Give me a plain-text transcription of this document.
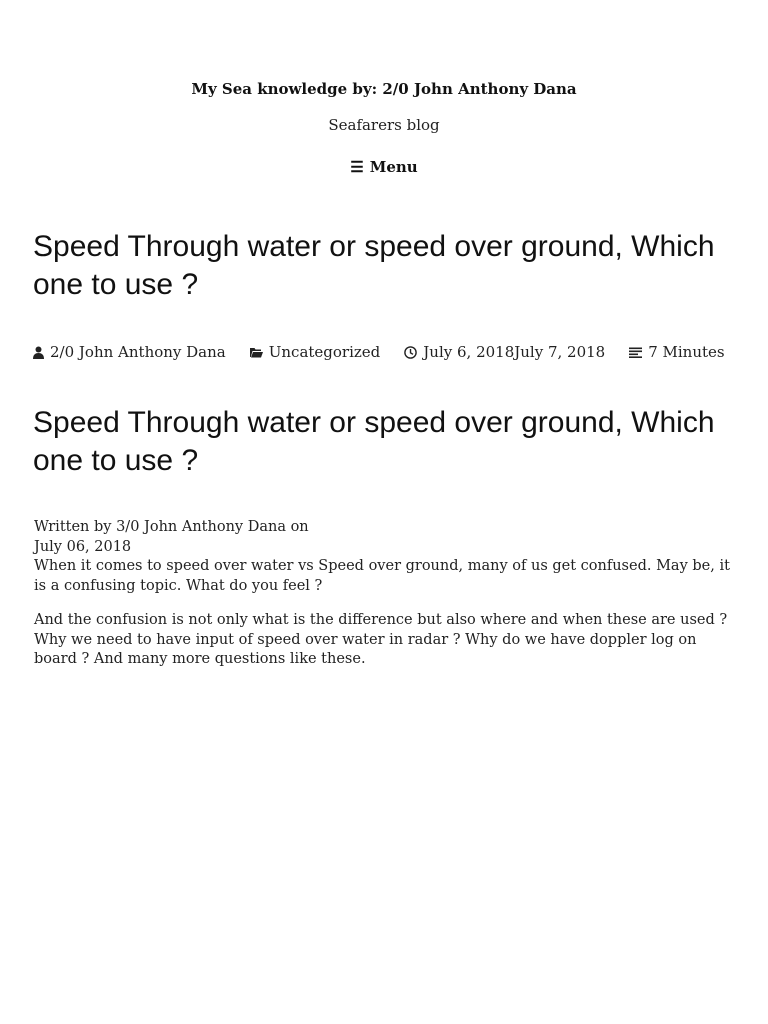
My Sea knowledge by: 2/0 John Anthony Dana
Seafarers blog
☰ Menu
Speed Through water or speed over ground, Which one to use ?
2/0 John Anthony Dana	Uncategorized	July 6, 2018July 7, 2018	7 Minutes
Speed Through water or speed over ground, Which one to use ?
Written by 3/0 John Anthony Dana on
July 06, 2018

When it comes to speed over water vs Speed over ground, many of us get confused. May be, it is a confusing topic. What do you feel ?

And the confusion is not only what is the difference but also where and when these are used ? Why we need to have input of speed over water in radar ? Why do we have doppler log on board ? And many more questions like these.
